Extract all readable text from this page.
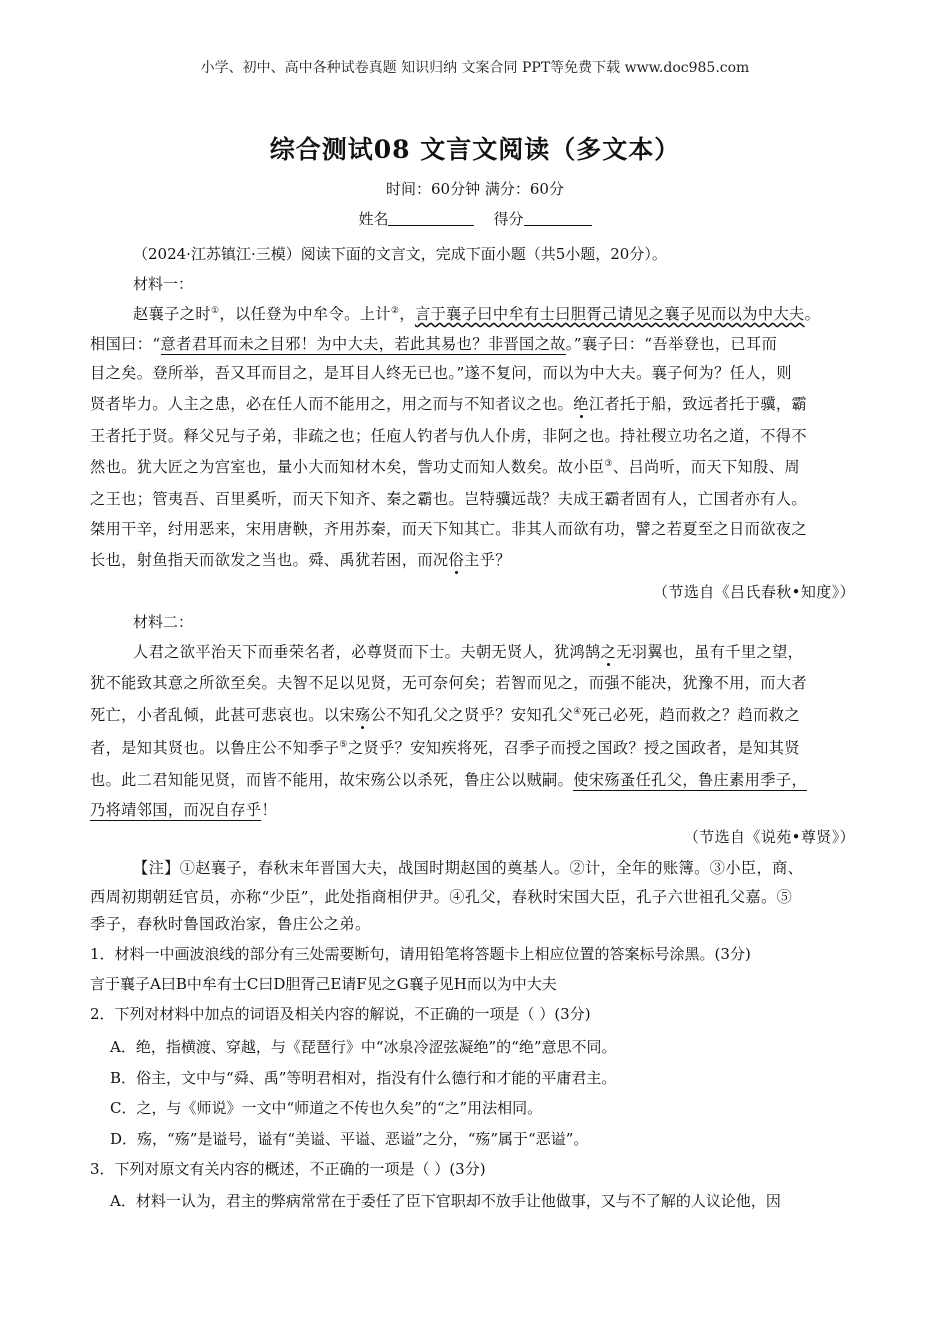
小学、初中、高中各种试卷真题 知识归纳 文案合同 PPT等免费下载 www.doc985.com
综合测试08 文言文阅读（多文本）
时间：60分钟 满分：60分
姓名	得分
（2024·江苏镇江·三模）阅读下面的文言文，完成下面小题（共5小题，20分）。
材料一：
赵襄子之时①，以任登为中牟令。上计②，言于襄子曰中牟有士曰胆胥己请见之襄子见而以为中大夫。
相国曰：“意者君耳而未之目邪！为中大夫，若此其易也？非晋国之故。”襄子曰：“吾举登也，已耳而
目之矣。登所举，吾又耳而目之，是耳目人终无已也。”遂不复问，而以为中大夫。襄子何为？任人，则
贤者毕力。人主之患，必在任人而不能用之，用之而与不知者议之也。绝江者托于船，致远者托于骥，霸
王者托于贤。释父兄与子弟，非疏之也；任庖人钓者与仇人仆虏，非阿之也。持社稷立功名之道，不得不
然也。犹大匠之为宫室也，量小大而知材木矣，訾功丈而知人数矣。故小臣③、吕尚听，而天下知殷、周
之王也；管夷吾、百里奚听，而天下知齐、秦之霸也。岂特骥远哉？夫成王霸者固有人，亡国者亦有人。
桀用干辛，纣用恶来，宋用唐鞅，齐用苏秦，而天下知其亡。非其人而欲有功，譬之若夏至之日而欲夜之
长也，射鱼指天而欲发之当也。舜、禹犹若困，而况俗主乎？
（节选自《吕氏春秋•知度》）
材料二：
人君之欲平治天下而垂荣名者，必尊贤而下士。夫朝无贤人，犹鸿鹄之无羽翼也，虽有千里之望，
犹不能致其意之所欲至矣。夫智不足以见贤，无可奈何矣；若智而见之，而强不能决，犹豫不用，而大者
死亡，小者乱倾，此甚可悲哀也。以宋殇公不知孔父之贤乎？安知孔父④死己必死，趋而救之？趋而救之
者，是知其贤也。以鲁庄公不知季子⑤之贤乎？安知疾将死，召季子而授之国政？授之国政者，是知其贤
也。此二君知能见贤，而皆不能用，故宋殇公以杀死，鲁庄公以贼嗣。使宋殇蚤任孔父，鲁庄素用季子，
乃将靖邻国，而况自存乎！
（节选自《说苑•尊贤》）
【注】①赵襄子，春秋末年晋国大夫，战国时期赵国的奠基人。②计，全年的账簿。③小臣，商、
西周初期朝廷官员，亦称“少臣”，此处指商相伊尹。④孔父，春秋时宋国大臣，孔子六世祖孔父嘉。⑤
季子，春秋时鲁国政治家，鲁庄公之弟。
1．材料一中画波浪线的部分有三处需要断句，请用铅笔将答题卡上相应位置的答案标号涂黑。(3分)
言于襄子A曰B中牟有士C曰D胆胥己E请F见之G襄子见H而以为中大夫
2．下列对材料中加点的词语及相关内容的解说，不正确的一项是（ ）(3分)
A．绝，指横渡、穿越，与《琵琶行》中“冰泉冷涩弦凝绝”的“绝”意思不同。
B．俗主，文中与“舜、禹”等明君相对，指没有什么德行和才能的平庸君主。
C．之，与《师说》一文中“师道之不传也久矣”的“之”用法相同。
D．殇，“殇”是谥号，谥有“美谥、平谥、恶谥”之分，“殇”属于“恶谥”。
3．下列对原文有关内容的概述，不正确的一项是（ ）(3分)
A．材料一认为，君主的弊病常常在于委任了臣下官职却不放手让他做事，又与不了解的人议论他，因
